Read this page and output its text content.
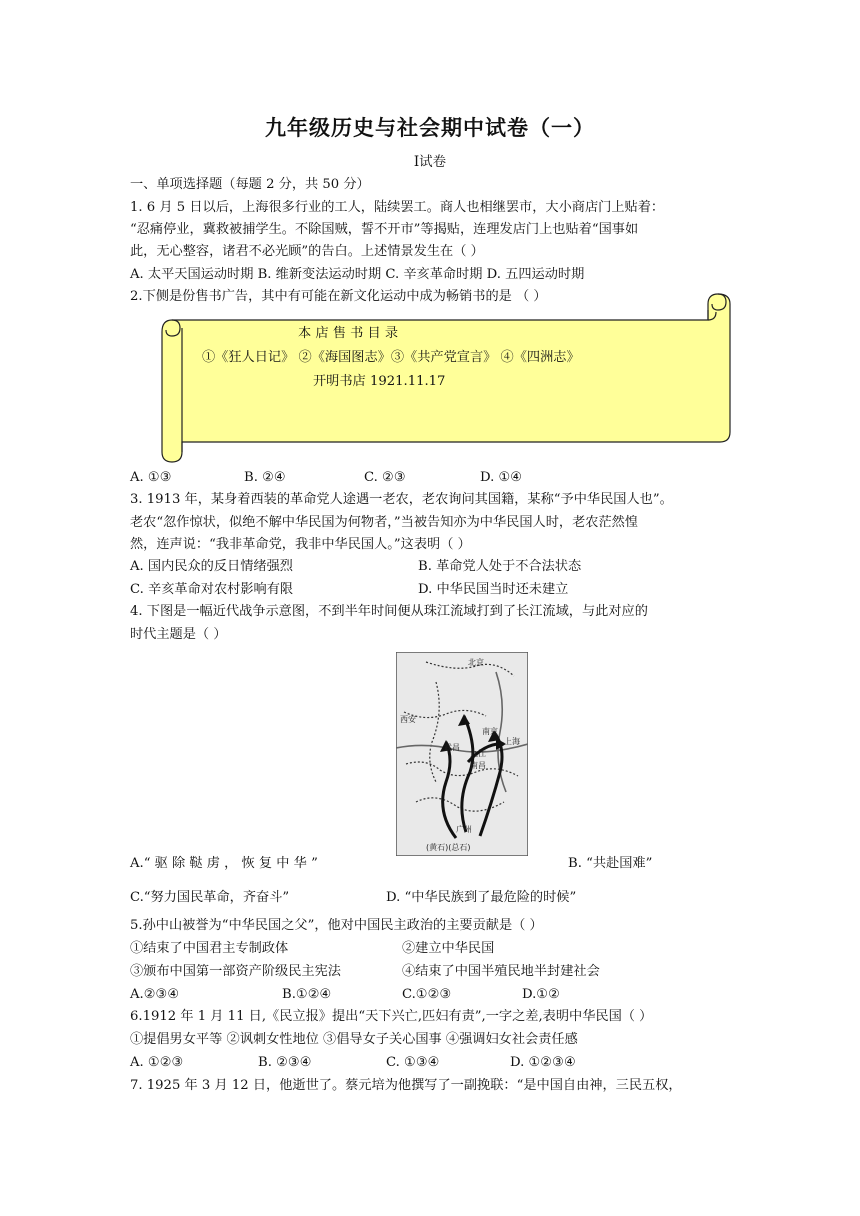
九年级历史与社会期中试卷（一）
Ⅰ试卷
一、单项选择题（每题 2 分，共 50 分）
1. 6 月 5 日以后，上海很多行业的工人，陆续罢工。商人也相继罢市，大小商店门上贴着：
“忍痛停业，冀救被捕学生。不除国贼，誓不开市”等揭贴，连理发店门上也贴着“国事如
此，无心整容，诸君不必光顾”的告白。上述情景发生在（ ）
A. 太平天国运动时期 B. 维新变法运动时期 C. 辛亥革命时期 D. 五四运动时期
2.下侧是份售书广告，其中有可能在新文化运动中成为畅销书的是 （ ）
本 店 售 书 目 录
①《狂人日记》 ②《海国图志》③《共产党宣言》 ④《四洲志》
开明书店 1921.11.17
A. ①③	B. ②④	C. ②③	D. ①④
3. 1913 年，某身着西装的革命党人途遇一老农，老农询问其国籍，某称“予中华民国人也”。
老农“忽作惊状，似绝不解中华民国为何物者，”当被告知亦为中华民国人时，老农茫然惶
然，连声说：“我非革命党，我非中华民国人。”这表明（ ）
A. 国内民众的反日情绪强烈	B. 革命党人处于不合法状态
C. 辛亥革命对农村影响有限	D. 中华民国当时还未建立
4. 下图是一幅近代战争示意图，不到半年时间便从珠江流域打到了长江流域，与此对应的
时代主题是（ ）
北京
南京
上海
武昌
九江
南昌
西安
广州
(黄石)(总石)
A.“ 驱 除 鞑 虏 ， 恢 复 中 华 ”	B. “共赴国难”
C.“努力国民革命，齐奋斗”	D. “中华民族到了最危险的时候”
5.孙中山被誉为“中华民国之父”，他对中国民主政治的主要贡献是（ ）
①结束了中国君主专制政体	②建立中华民国
③颁布中国第一部资产阶级民主宪法	④结束了中国半殖民地半封建社会
A.②③④	B.①②④	C.①②③	D.①②
6.1912 年 1 月 11 日,《民立报》提出“天下兴亡,匹妇有责”,一字之差,表明中华民国（ ）
①提倡男女平等 ②讽刺女性地位 ③倡导女子关心国事 ④强调妇女社会责任感
A. ①②③	B. ②③④	C. ①③④	D. ①②③④
7. 1925 年 3 月 12 日，他逝世了。蔡元培为他撰写了一副挽联：“是中国自由神，三民五权，
